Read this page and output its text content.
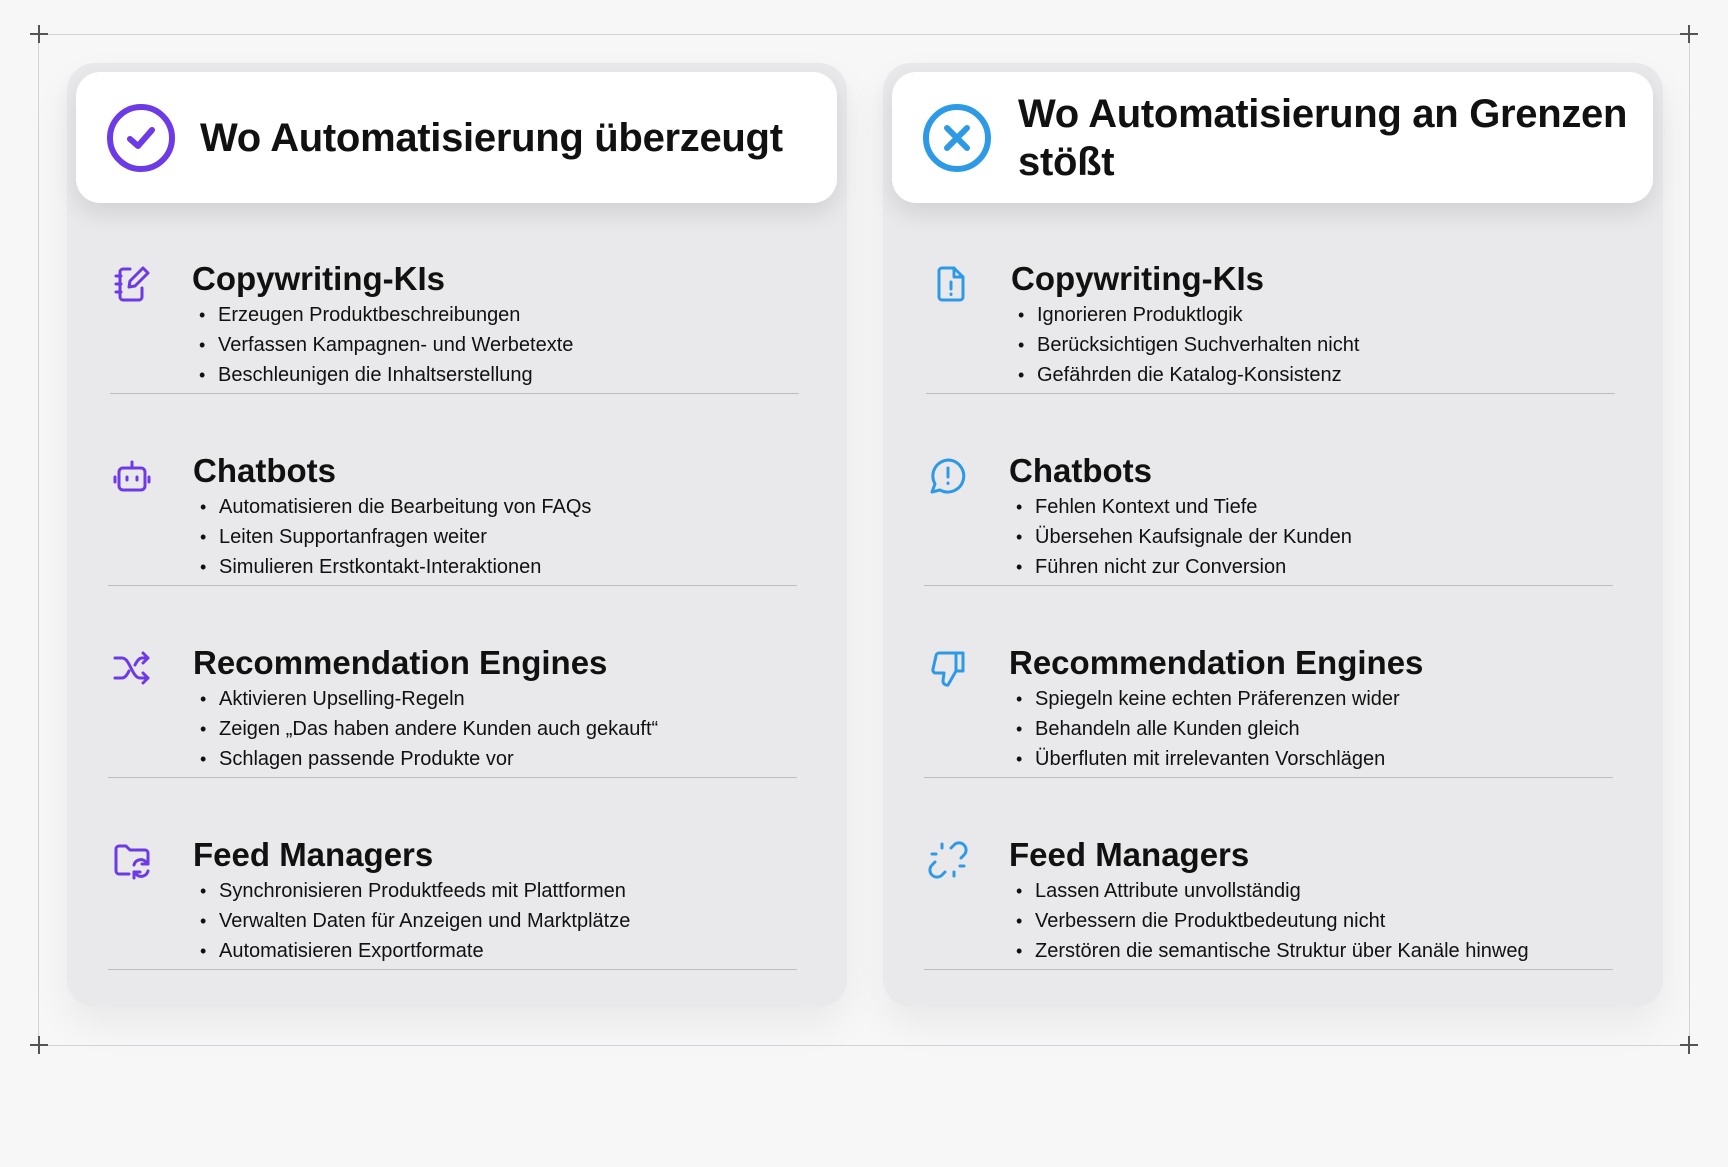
Wo Automatisierung überzeugt
Copywriting-KIs
• Erzeugen Produktbeschreibungen
• Verfassen Kampagnen- und Werbetexte
• Beschleunigen die Inhaltserstellung
Chatbots
• Automatisieren die Bearbeitung von FAQs
• Leiten Supportanfragen weiter
• Simulieren Erstkontakt-Interaktionen
Recommendation Engines
• Aktivieren Upselling-Regeln
• Zeigen „Das haben andere Kunden auch gekauft“
• Schlagen passende Produkte vor
Feed Managers
• Synchronisieren Produktfeeds mit Plattformen
• Verwalten Daten für Anzeigen und Marktplätze
• Automatisieren Exportformate
Wo Automatisierung an Grenzen stößt
Copywriting-KIs
• Ignorieren Produktlogik
• Berücksichtigen Suchverhalten nicht
• Gefährden die Katalog-Konsistenz
Chatbots
• Fehlen Kontext und Tiefe
• Übersehen Kaufsignale der Kunden
• Führen nicht zur Conversion
Recommendation Engines
• Spiegeln keine echten Präferenzen wider
• Behandeln alle Kunden gleich
• Überfluten mit irrelevanten Vorschlägen
Feed Managers
• Lassen Attribute unvollständig
• Verbessern die Produktbedeutung nicht
• Zerstören die semantische Struktur über Kanäle hinweg
